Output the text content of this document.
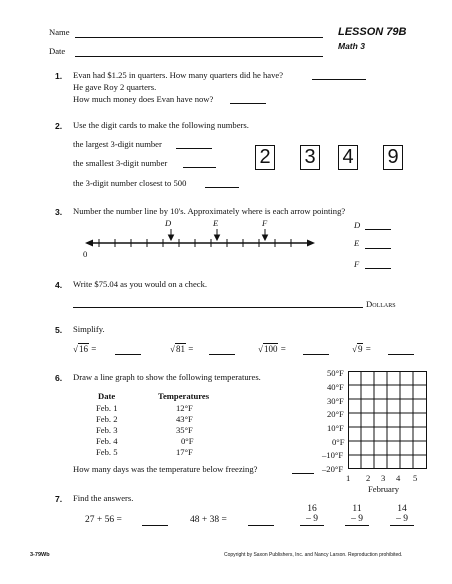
Name
Date
LESSON 79B
Math 3
1. Evan had $1.25 in quarters. How many quarters did he have?
He gave Roy 2 quarters.
How much money does Evan have now?
2. Use the digit cards to make the following numbers.
the largest 3-digit number
the smallest 3-digit number
the 3-digit number closest to 500
2 3 4 9
3. Number the number line by 10's. Approximately where is each arrow pointing?
0
D	E	F	D
E
F
4. Write $75.04 as you would on a check.
Dollars
5. Simplify.
√16 =	√81 =	√100 =	√9 =
6. Draw a line graph to show the following temperatures.
Date	Temperatures
Feb. 1	12°F
Feb. 2	43°F
Feb. 3	35°F
Feb. 4	0°F
Feb. 5	17°F
How many days was the temperature below freezing?
50°F
40°F
30°F
20°F
10°F
0°F
–10°F
–20°F
1 2 3 4 5
February
7. Find the answers.
27 + 56 =	48 + 38 =
16
– 9
11
– 9
14
– 9
3-79Wb	Copyright by Saxon Publishers, Inc. and Nancy Larson. Reproduction prohibited.
